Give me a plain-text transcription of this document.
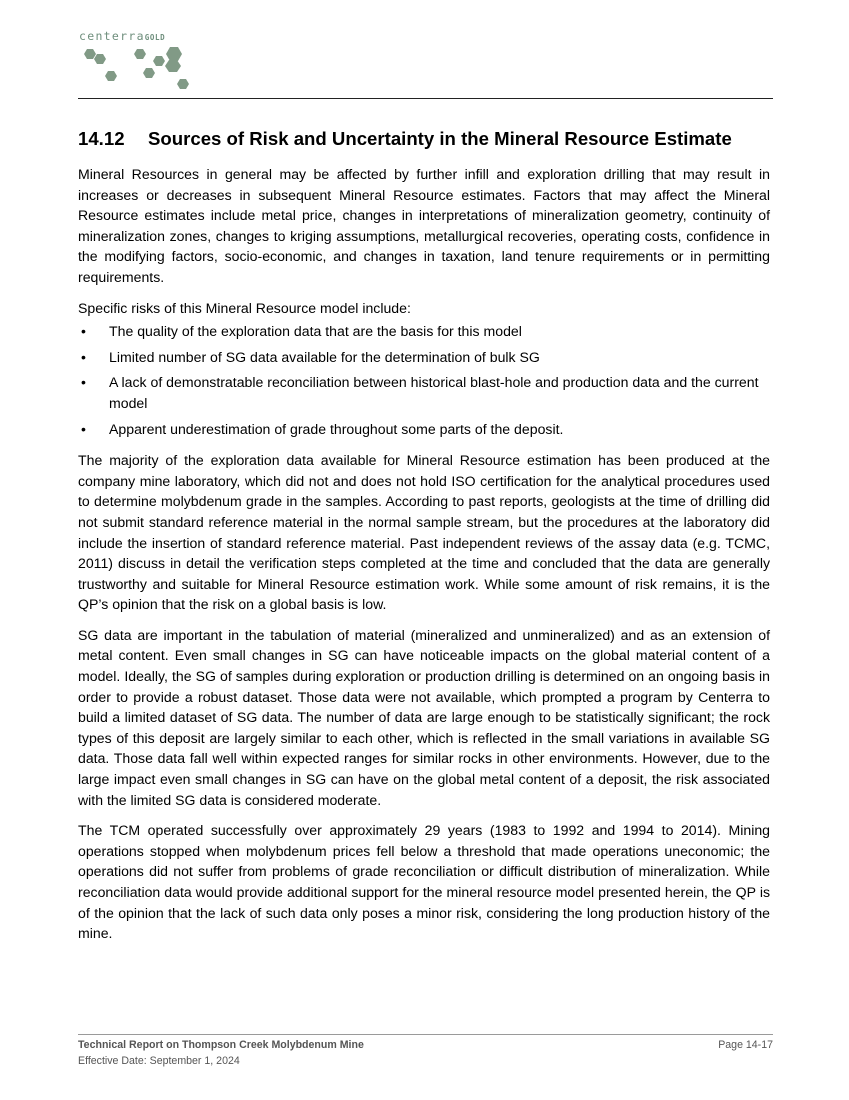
centerraGOLD
14.12 Sources of Risk and Uncertainty in the Mineral Resource Estimate

Mineral Resources in general may be affected by further infill and exploration drilling that may result in increases or decreases in subsequent Mineral Resource estimates. Factors that may affect the Mineral Resource estimates include metal price, changes in interpretations of mineralization geometry, continuity of mineralization zones, changes to kriging assumptions, metallurgical recoveries, operating costs, confidence in the modifying factors, socio-economic, and changes in taxation, land tenure requirements or in permitting requirements.

Specific risks of this Mineral Resource model include:

• The quality of the exploration data that are the basis for this model
• Limited number of SG data available for the determination of bulk SG
• A lack of demonstratable reconciliation between historical blast-hole and production data and the current model
• Apparent underestimation of grade throughout some parts of the deposit.

The majority of the exploration data available for Mineral Resource estimation has been produced at the company mine laboratory, which did not and does not hold ISO certification for the analytical procedures used to determine molybdenum grade in the samples. According to past reports, geologists at the time of drilling did not submit standard reference material in the normal sample stream, but the procedures at the laboratory did include the insertion of standard reference material. Past independent reviews of the assay data (e.g. TCMC, 2011) discuss in detail the verification steps completed at the time and concluded that the data are generally trustworthy and suitable for Mineral Resource estimation work. While some amount of risk remains, it is the QP’s opinion that the risk on a global basis is low.

SG data are important in the tabulation of material (mineralized and unmineralized) and as an extension of metal content. Even small changes in SG can have noticeable impacts on the global material content of a model. Ideally, the SG of samples during exploration or production drilling is determined on an ongoing basis in order to provide a robust dataset. Those data were not available, which prompted a program by Centerra to build a limited dataset of SG data. The number of data are large enough to be statistically significant; the rock types of this deposit are largely similar to each other, which is reflected in the small variations in available SG data. Those data fall well within expected ranges for similar rocks in other environments. However, due to the large impact even small changes in SG can have on the global metal content of a deposit, the risk associated with the limited SG data is considered moderate.

The TCM operated successfully over approximately 29 years (1983 to 1992 and 1994 to 2014). Mining operations stopped when molybdenum prices fell below a threshold that made operations uneconomic; the operations did not suffer from problems of grade reconciliation or difficult distribution of mineralization. While reconciliation data would provide additional support for the mineral resource model presented herein, the QP is of the opinion that the lack of such data only poses a minor risk, considering the long production history of the mine.

Technical Report on Thompson Creek Molybdenum Mine
Effective Date: September 1, 2024
Page 14-17
